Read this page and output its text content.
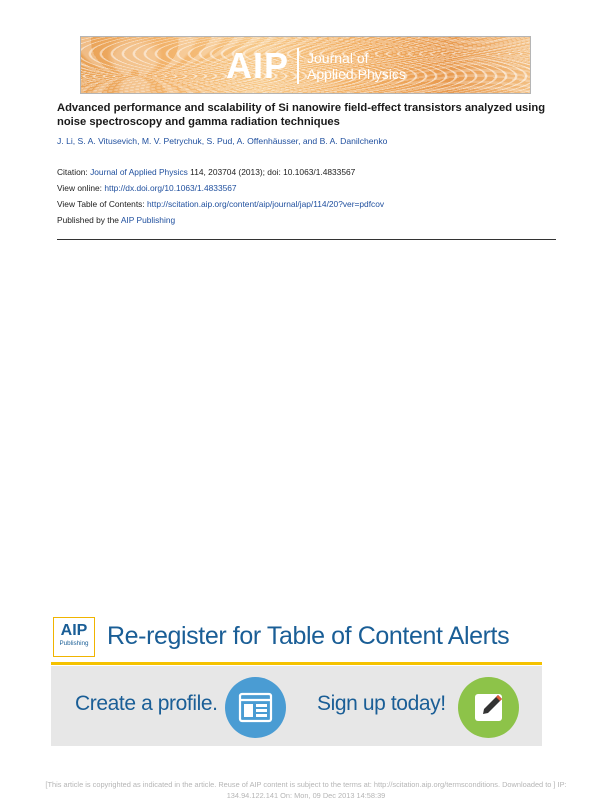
AIP Journal of
Applied Physics
Advanced performance and scalability of Si nanowire field-effect transistors analyzed using noise spectroscopy and gamma radiation techniques
J. Li, S. A. Vitusevich, M. V. Petrychuk, S. Pud, A. Offenhäusser, and B. A. Danilchenko
Citation: Journal of Applied Physics 114, 203704 (2013); doi: 10.1063/1.4833567
View online: http://dx.doi.org/10.1063/1.4833567
View Table of Contents: http://scitation.aip.org/content/aip/journal/jap/114/20?ver=pdfcov
Published by the AIP Publishing
AIP
Publishing Re-register for Table of Content Alerts
Create a profile.	Sign up today!
[This article is copyrighted as indicated in the article. Reuse of AIP content is subject to the terms at: http://scitation.aip.org/termsconditions. Downloaded to ] IP:
134.94.122.141 On: Mon, 09 Dec 2013 14:58:39
